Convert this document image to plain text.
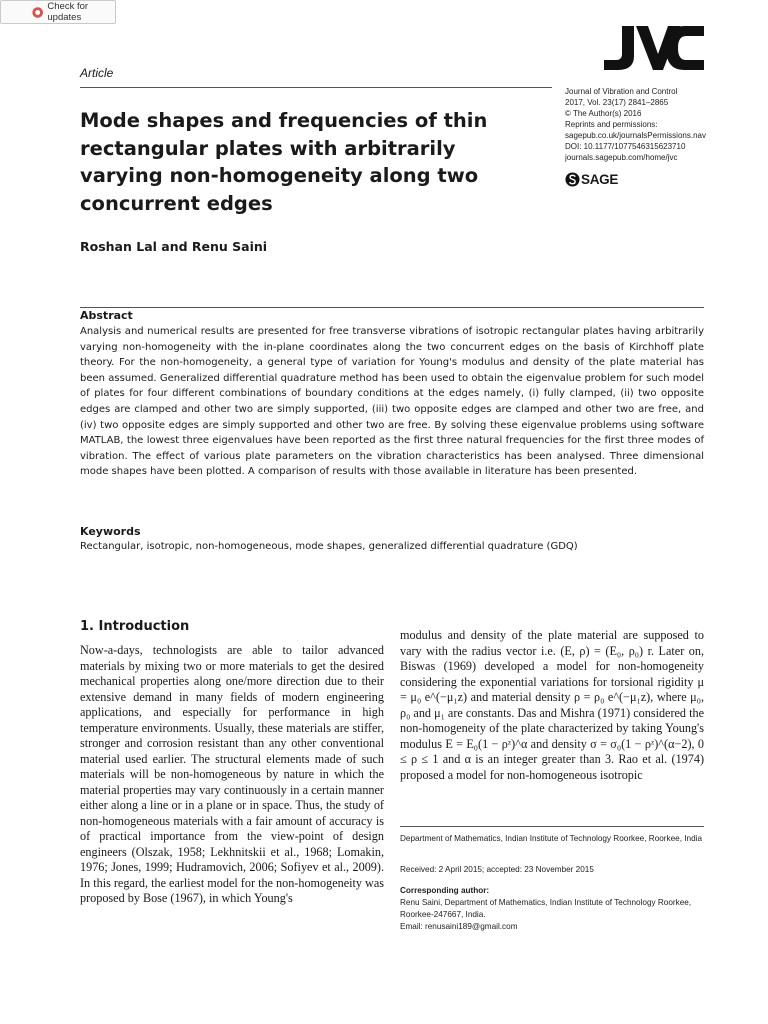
Check for updates
Article
Mode shapes and frequencies of thin rectangular plates with arbitrarily varying non-homogeneity along two concurrent edges
Roshan Lal and Renu Saini
Journal of Vibration and Control
2017, Vol. 23(17) 2841–2865
© The Author(s) 2016
Reprints and permissions:
sagepub.co.uk/journalsPermissions.nav
DOI: 10.1177/1077546315623710
journals.sagepub.com/home/jvc
SAGE
Abstract

Analysis and numerical results are presented for free transverse vibrations of isotropic rectangular plates having arbitrarily varying non-homogeneity with the in-plane coordinates along the two concurrent edges on the basis of Kirchhoff plate theory. For the non-homogeneity, a general type of variation for Young's modulus and density of the plate material has been assumed. Generalized differential quadrature method has been used to obtain the eigenvalue problem for such model of plates for four different combinations of boundary conditions at the edges namely, (i) fully clamped, (ii) two opposite edges are clamped and other two are simply supported, (iii) two opposite edges are clamped and other two are free, and (iv) two opposite edges are simply supported and other two are free. By solving these eigenvalue problems using software MATLAB, the lowest three eigenvalues have been reported as the first three natural frequencies for the first three modes of vibration. The effect of various plate parameters on the vibration characteristics has been analysed. Three dimensional mode shapes have been plotted. A comparison of results with those available in literature has been presented.

Keywords
Rectangular, isotropic, non-homogeneous, mode shapes, generalized differential quadrature (GDQ)
1. Introduction

Now-a-days, technologists are able to tailor advanced materials by mixing two or more materials to get the desired mechanical properties along one/more direction due to their extensive demand in many fields of modern engineering applications, and especially for performance in high temperature environments. Usually, these materials are stiffer, stronger and corrosion resistant than any other conventional material used earlier. The structural elements made of such materials will be non-homogeneous by nature in which the material properties may vary continuously in a certain manner either along a line or in a plane or in space. Thus, the study of non-homogeneous materials with a fair amount of accuracy is of practical importance from the view-point of design engineers (Olszak, 1958; Lekhnitskii et al., 1968; Lomakin, 1976; Jones, 1999; Hudramovich, 2006; Sofiyev et al., 2009). In this regard, the earliest model for the non-homogeneity was proposed by Bose (1967), in which Young's

modulus and density of the plate material are supposed to vary with the radius vector i.e. (E, ρ) = (E₀, ρ₀) r. Later on, Biswas (1969) developed a model for non-homogeneity considering the exponential variations for torsional rigidity μ = μ₀ e^(−μ₁z) and material density ρ = ρ₀ e^(−μ₁z), where μ₀, ρ₀ and μ₁ are constants. Das and Mishra (1971) considered the non-homogeneity of the plate characterized by taking Young's modulus E = E₀(1 − ρᶻ)^α and density σ = σ₀(1 − ρᶻ)^(α−2), 0 ≤ ρ ≤ 1 and α is an integer greater than 3. Rao et al. (1974) proposed a model for non-homogeneous isotropic

Department of Mathematics, Indian Institute of Technology Roorkee, Roorkee, India
Received: 2 April 2015; accepted: 23 November 2015
Corresponding author:
Renu Saini, Department of Mathematics, Indian Institute of Technology Roorkee, Roorkee-247667, India.
Email: renusaini189@gmail.com
